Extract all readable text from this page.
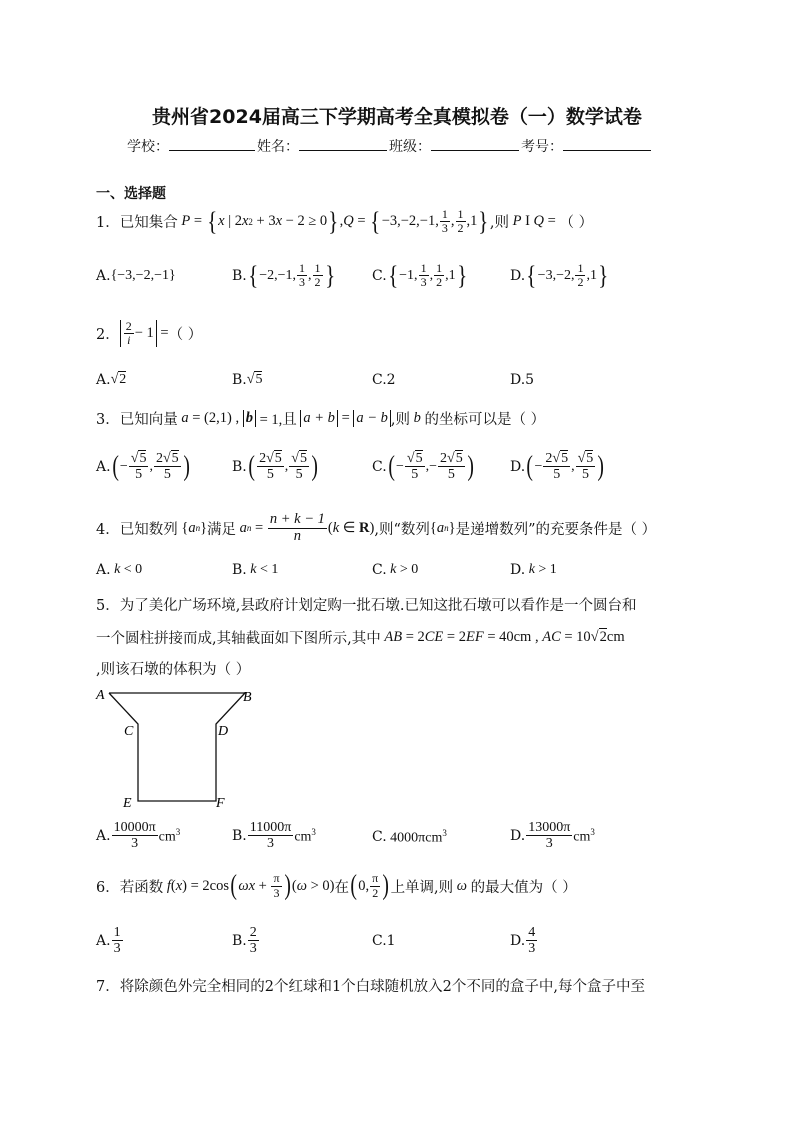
贵州省2024届高三下学期高考全真模拟卷（一）数学试卷
学校：	姓名：	班级：	考号：
一、选择题
1．已知集合 P = { x | 2 x 2 + 3 x − 2 ≥ 0 } , Q = { −3,−2,−1, $\frac{1}{3}$ , $\frac{1}{2} ,1$ } ,则 P I Q = （ ）
A. {−3,−2,−1}	B. { −2,−1, $\frac{1}{3}$ , $\frac{1}{2}$ }	C. { −1, $\frac{1}{3}$ , $\frac{1}{2} ,1$ }	D. { −3,−2, $\frac{1}{2} ,1$ }
2． $\frac{2}{i} - 1$ = （ ）
A. √2	B. √5	C.2	D.5
3．已知向量 a = (2,1) , b = 1,且 a + b = a − b ,则 b 的坐标可以是（ ）
A. ( − $\frac{√5}{5}$ , $\frac{2√5}{5}$ )	B. ( $\frac{2√5}{5}$ , $\frac{√5}{5}$ )	C. ( − $\frac{√5}{5}$ ,− $\frac{2√5}{5}$ )	D. ( − $\frac{2√5}{5}$ , $\frac{√5}{5}$ )
4．已知数列 { a n } 满足 a $n = \frac{n + k - 1}{n}$ ( k ∈ R) ,则“数列 { a n } 是递增数列”的充要条件是（ ）
A. k < 0	B. k < 1	C. k > 0	D. k > 1
5．为了美化广场环境,县政府计划定购一批石墩.已知这批石墩可以看作是一个圆台和
一个圆柱拼接而成,其轴截面如下图所示,其中 AB = 2 CE = 2 EF = 40cm , AC = 10√2cm
,则该石墩的体积为（ ）
A	B
C	D
E	F
A. $\frac{10000\pi}{3} cm^3$	B. $\frac{11000\pi}{3} cm^3$	C. 4000πcm$^3$	D. $\frac{13000\pi}{3} cm^3$
6．若函数 f ( x ) = 2cos ( $\omega x + \frac{\pi}{3}$ ) ( ω > 0) 在 ( 0, $\frac{\pi}{2}$ ) 上单调,则 ω 的最大值为（ ）
A. $\frac{1}{3}$	B. $\frac{2}{3}$	C.1	D. $\frac{4}{3}$
7．将除颜色外完全相同的2个红球和1个白球随机放入2个不同的盒子中,每个盒子中至
